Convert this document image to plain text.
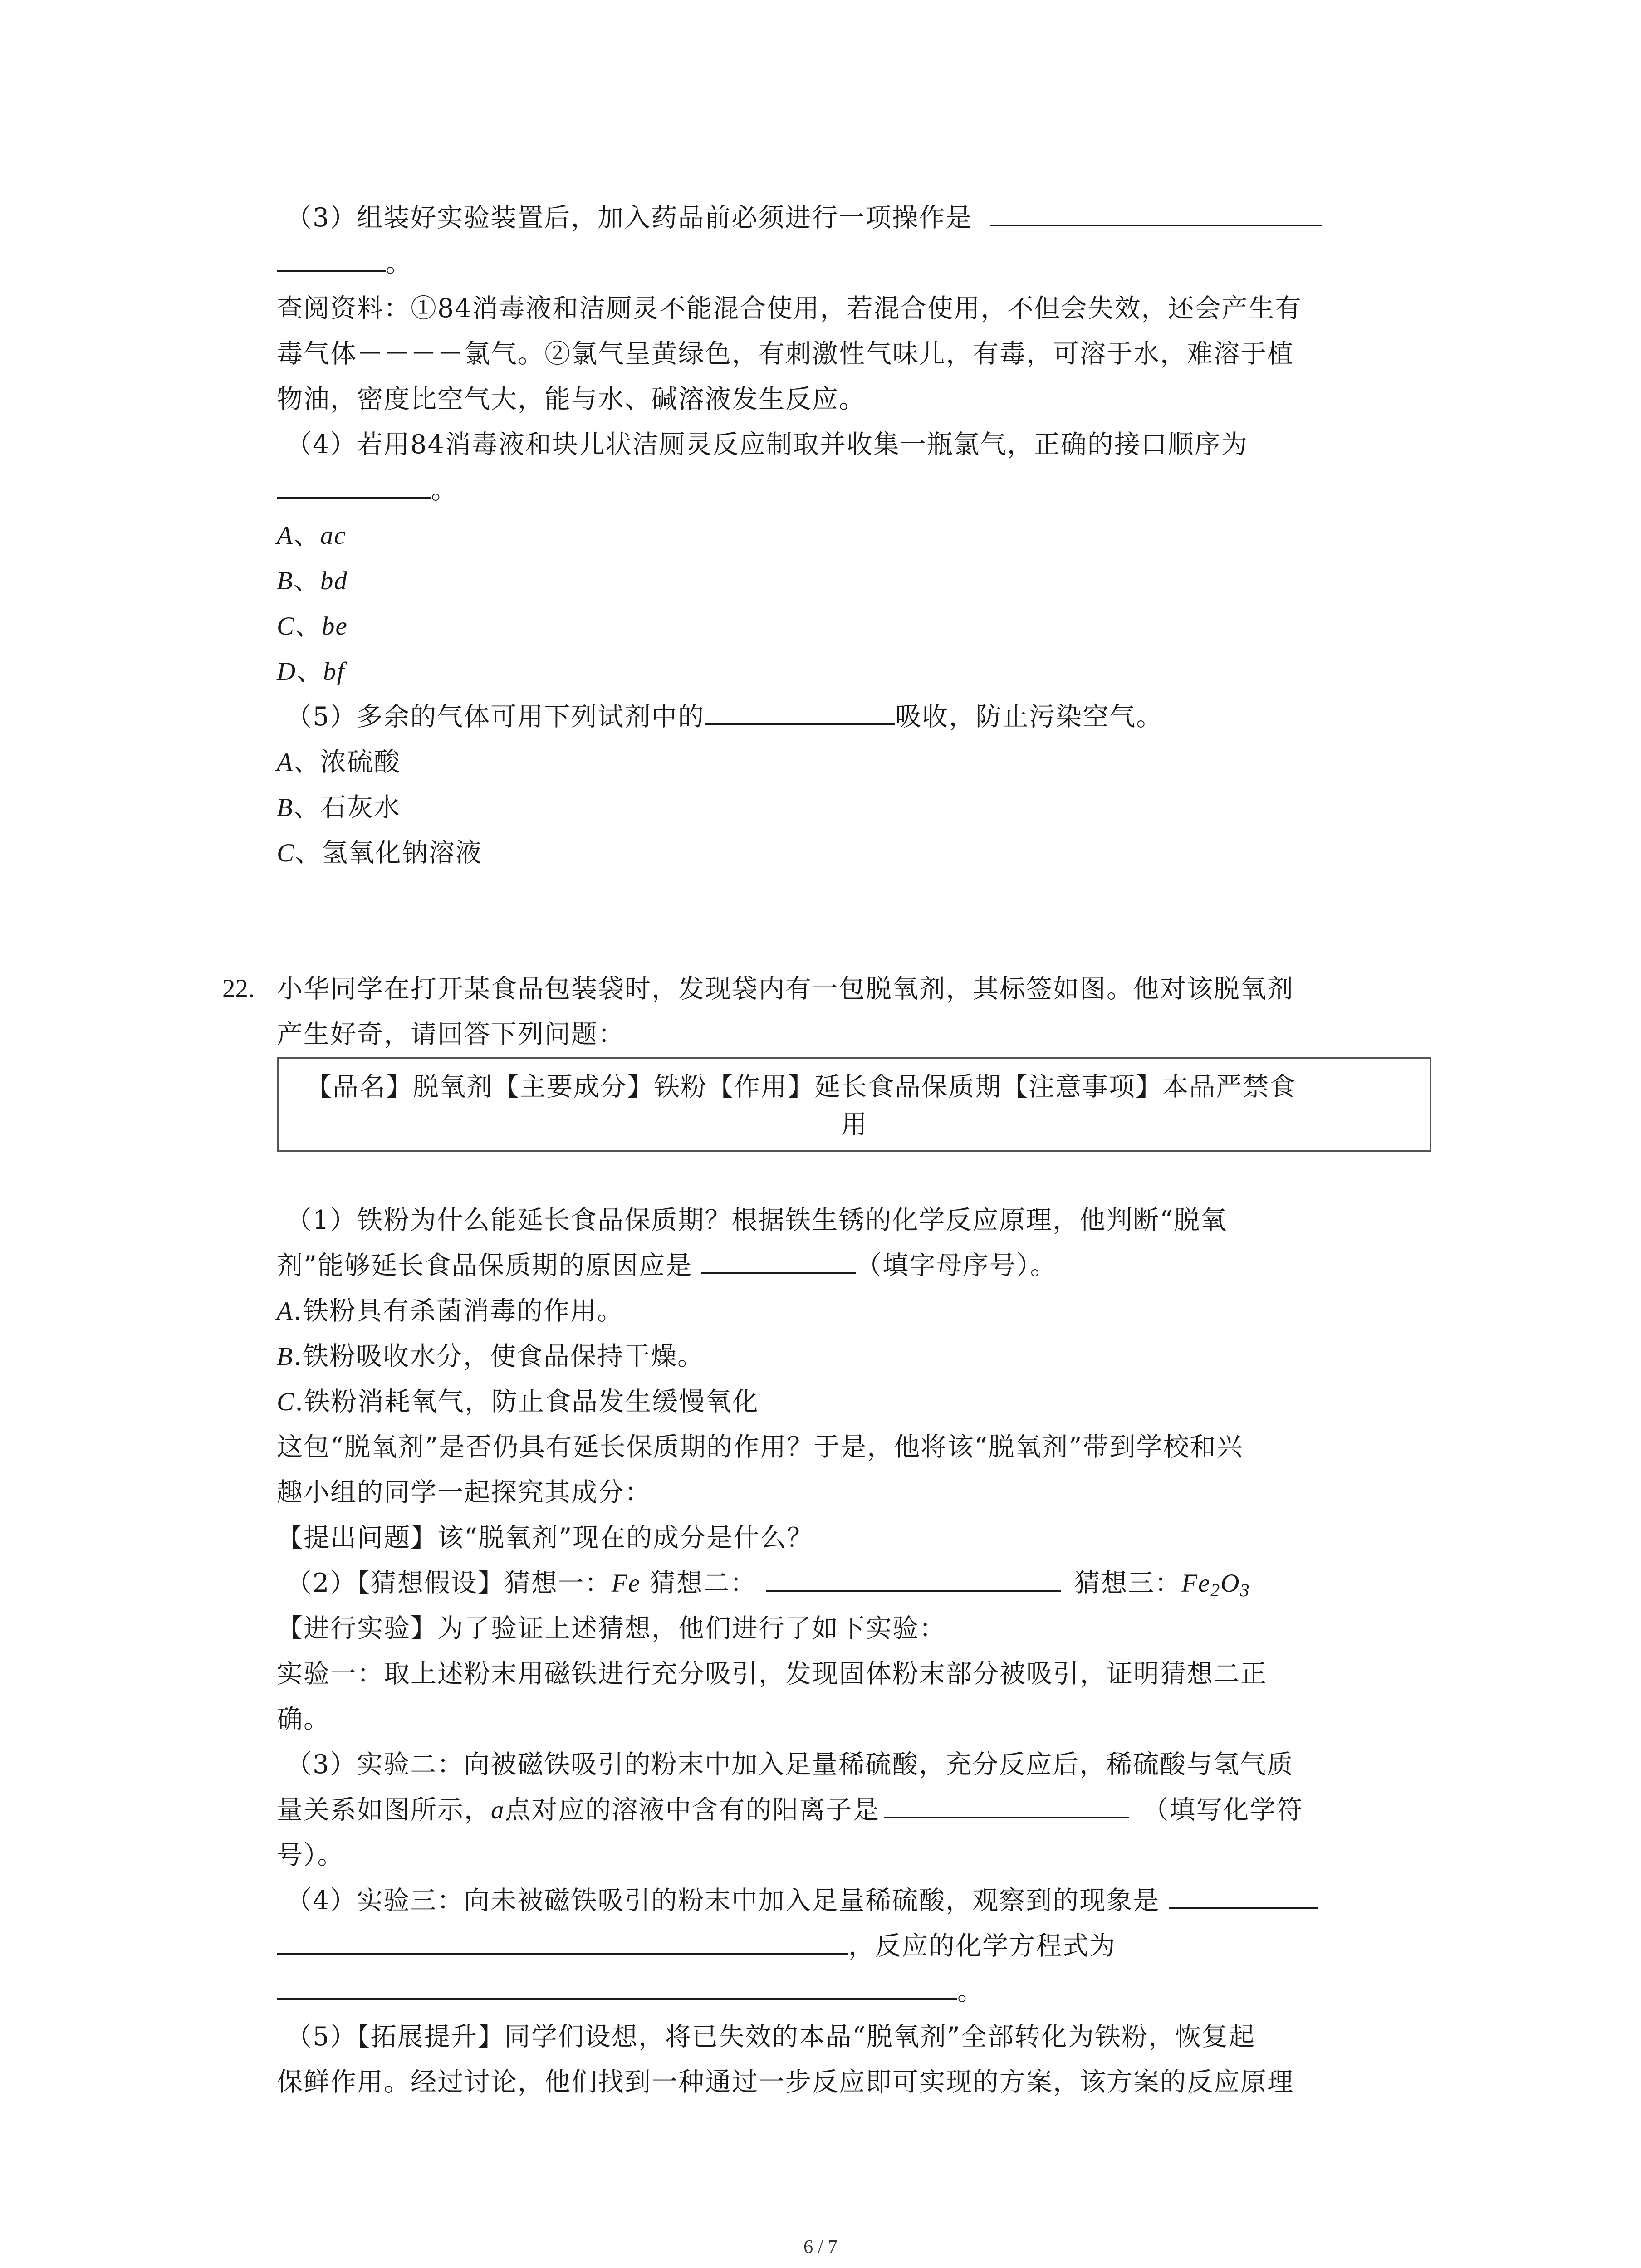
（3）组装好实验装置后，加入药品前必须进行一项操作是
。
查阅资料：①84消毒液和洁厕灵不能混合使用，若混合使用，不但会失效，还会产生有
毒气体－－－－氯气。②氯气呈黄绿色，有刺激性气味儿，有毒，可溶于水，难溶于植
物油，密度比空气大，能与水、碱溶液发生反应。
（4）若用84消毒液和块儿状洁厕灵反应制取并收集一瓶氯气，正确的接口顺序为
。
A、ac
B、bd
C、be
D、bf
（5）多余的气体可用下列试剂中的	吸收，防止污染空气。
A、浓硫酸
B、石灰水
C、氢氧化钠溶液
22. 小华同学在打开某食品包装袋时，发现袋内有一包脱氧剂，其标签如图。他对该脱氧剂
产生好奇，请回答下列问题：
【品名】脱氧剂【主要成分】铁粉【作用】延长食品保质期【注意事项】本品严禁食
用
（1）铁粉为什么能延长食品保质期？根据铁生锈的化学反应原理，他判断“脱氧
剂”能够延长食品保质期的原因应是	（填字母序号）。
A.铁粉具有杀菌消毒的作用。
B.铁粉吸收水分，使食品保持干燥。
C.铁粉消耗氧气，防止食品发生缓慢氧化
这包“脱氧剂”是否仍具有延长保质期的作用？于是，他将该“脱氧剂”带到学校和兴
趣小组的同学一起探究其成分：
【提出问题】该“脱氧剂”现在的成分是什么？
（2）【猜想假设】猜想一：Fe 猜想二：	猜想三：$Fe_2O_3$
【进行实验】为了验证上述猜想，他们进行了如下实验：
实验一：取上述粉末用磁铁进行充分吸引，发现固体粉末部分被吸引，证明猜想二正
确。
（3）实验二：向被磁铁吸引的粉末中加入足量稀硫酸，充分反应后，稀硫酸与氢气质
量关系如图所示，a点对应的溶液中含有的阳离子是	（填写化学符
号）。
（4）实验三：向未被磁铁吸引的粉末中加入足量稀硫酸，观察到的现象是
，反应的化学方程式为
。
（5）【拓展提升】同学们设想，将已失效的本品“脱氧剂”全部转化为铁粉，恢复起
保鲜作用。经过讨论，他们找到一种通过一步反应即可实现的方案，该方案的反应原理
6 / 7
